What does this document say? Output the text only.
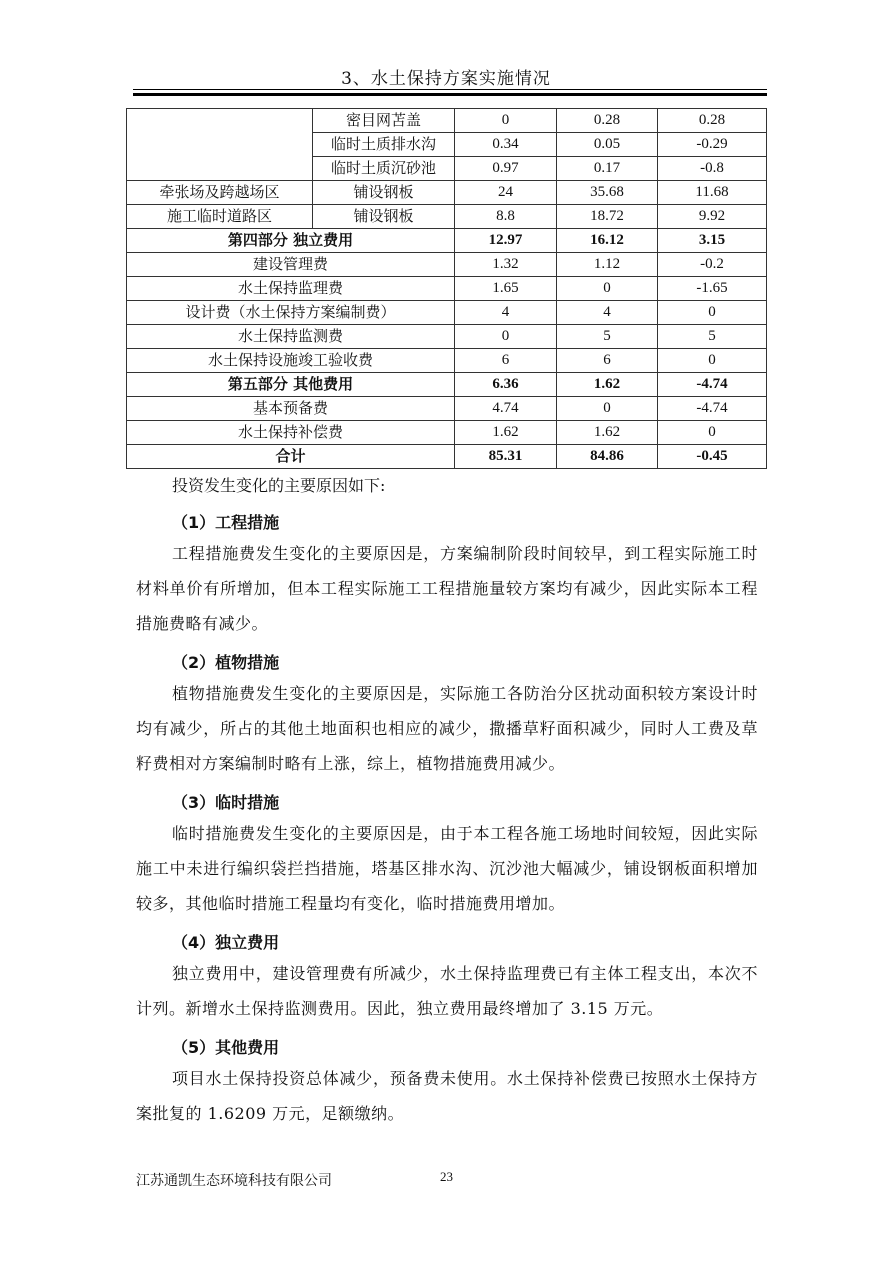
3、水土保持方案实施情况
	密目网苫盖	0	0.28	0.28
	临时土质排水沟	0.34	0.05	-0.29
	临时土质沉砂池	0.97	0.17	-0.8
牵张场及跨越场区	铺设钢板	24	35.68	11.68
施工临时道路区	铺设钢板	8.8	18.72	9.92
第四部分 独立费用		12.97	16.12	3.15
建设管理费		1.32	1.12	-0.2
水土保持监理费		1.65	0	-1.65
设计费（水土保持方案编制费）		4	4	0
水土保持监测费		0	5	5
水土保持设施竣工验收费		6	6	0
第五部分 其他费用		6.36	1.62	-4.74
基本预备费		4.74	0	-4.74
水土保持补偿费		1.62	1.62	0
合计		85.31	84.86	-0.45
投资发生变化的主要原因如下:
（1）工程措施
工程措施费发生变化的主要原因是，方案编制阶段时间较早，到工程实际施工时材料单价有所增加，但本工程实际施工工程措施量较方案均有减少，因此实际本工程措施费略有减少。
（2）植物措施
植物措施费发生变化的主要原因是，实际施工各防治分区扰动面积较方案设计时均有减少，所占的其他土地面积也相应的减少，撒播草籽面积减少，同时人工费及草籽费相对方案编制时略有上涨，综上，植物措施费用减少。
（3）临时措施
临时措施费发生变化的主要原因是，由于本工程各施工场地时间较短，因此实际施工中未进行编织袋拦挡措施，塔基区排水沟、沉沙池大幅减少，铺设钢板面积增加较多，其他临时措施工程量均有变化，临时措施费用增加。
（4）独立费用
独立费用中，建设管理费有所减少，水土保持监理费已有主体工程支出，本次不计列。新增水土保持监测费用。因此，独立费用最终增加了 3.15 万元。
（5）其他费用
项目水土保持投资总体减少，预备费未使用。水土保持补偿费已按照水土保持方案批复的 1.6209 万元，足额缴纳。
江苏通凯生态环境科技有限公司	23
